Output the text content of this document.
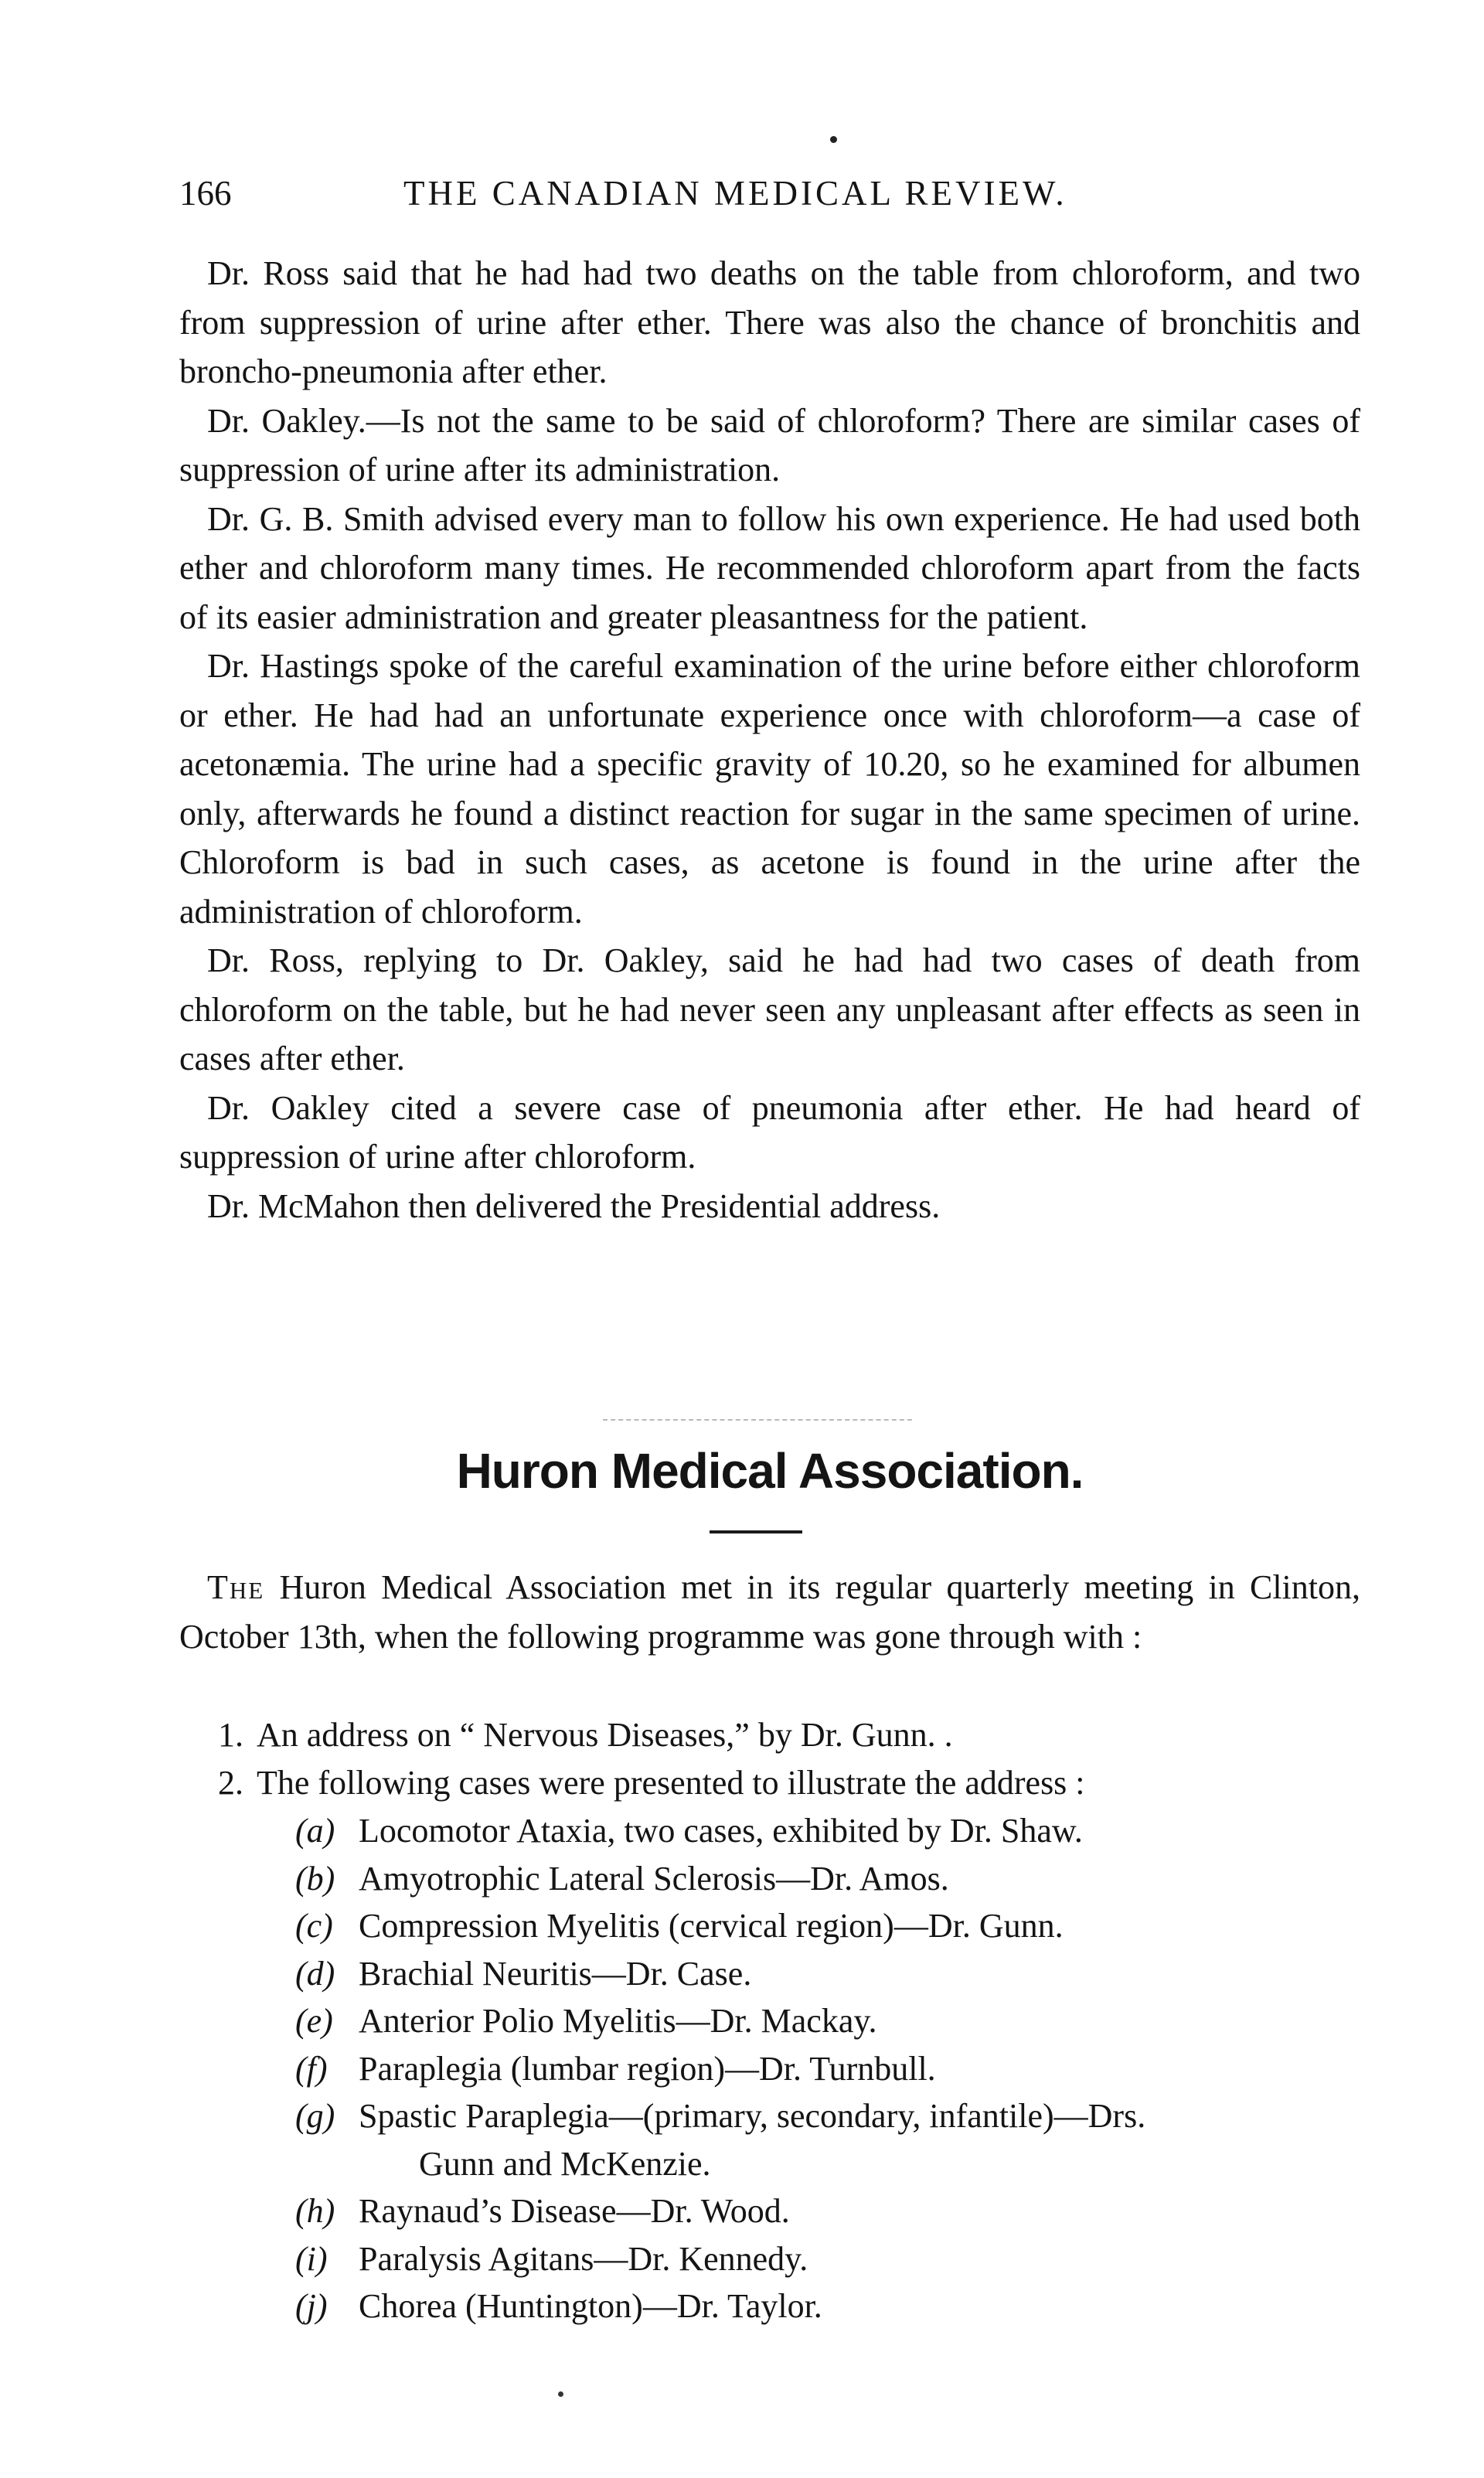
166	THE CANADIAN MEDICAL REVIEW.

Dr. Ross said that he had had two deaths on the table from chloroform, and two from suppression of urine after ether. There was also the chance of bronchitis and broncho-pneumonia after ether.

Dr. Oakley.—Is not the same to be said of chloroform? There are similar cases of suppression of urine after its administration.

Dr. G. B. Smith advised every man to follow his own experience. He had used both ether and chloroform many times. He recommended chloroform apart from the facts of its easier administration and greater pleasantness for the patient.

Dr. Hastings spoke of the careful examination of the urine before either chloroform or ether. He had had an unfortunate experience once with chloroform—a case of acetonæmia. The urine had a specific gravity of 10.20, so he examined for albumen only, afterwards he found a distinct reaction for sugar in the same specimen of urine. Chloroform is bad in such cases, as acetone is found in the urine after the administration of chloroform.

Dr. Ross, replying to Dr. Oakley, said he had had two cases of death from chloroform on the table, but he had never seen any unpleasant after effects as seen in cases after ether.

Dr. Oakley cited a severe case of pneumonia after ether. He had heard of suppression of urine after chloroform.

Dr. McMahon then delivered the Presidential address.

Huron Medical Association.
The Huron Medical Association met in its regular quarterly meeting in Clinton, October 13th, when the following programme was gone through with :
1. An address on “ Nervous Diseases,” by Dr. Gunn. .
2. The following cases were presented to illustrate the address :
(a) Locomotor Ataxia, two cases, exhibited by Dr. Shaw.
(b) Amyotrophic Lateral Sclerosis—Dr. Amos.
(c) Compression Myelitis (cervical region)—Dr. Gunn.
(d) Brachial Neuritis—Dr. Case.
(e) Anterior Polio Myelitis—Dr. Mackay.
(f) Paraplegia (lumbar region)—Dr. Turnbull.
(g) Spastic Paraplegia—(primary, secondary, infantile)—Drs.
Gunn and McKenzie.
(h) Raynaud’s Disease—Dr. Wood.
(i) Paralysis Agitans—Dr. Kennedy.
(j) Chorea (Huntington)—Dr. Taylor.
